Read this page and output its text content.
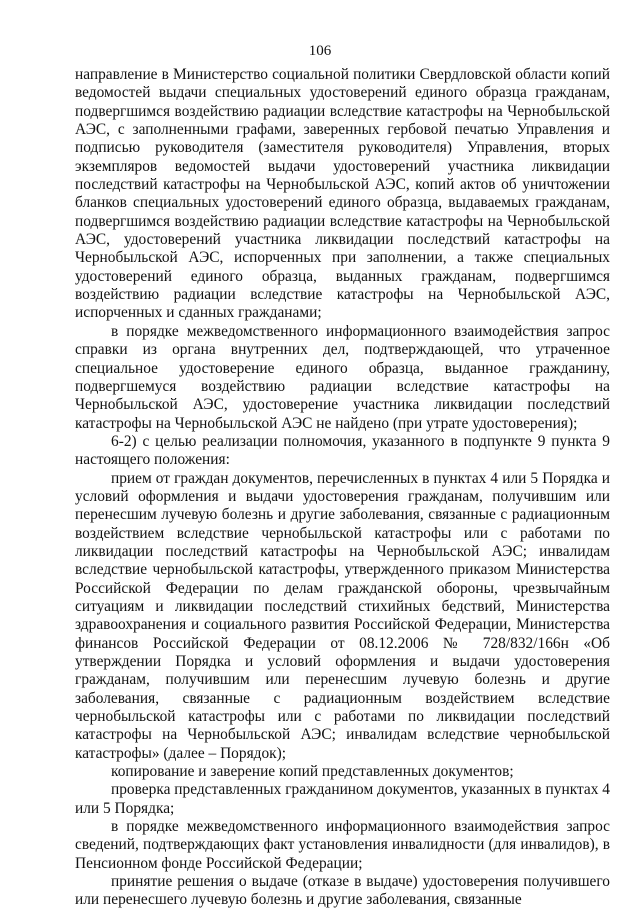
106

направление в Министерство социальной политики Свердловской области копий ведомостей выдачи специальных удостоверений единого образца гражданам, подвергшимся воздействию радиации вследствие катастрофы на Чернобыльской АЭС, с заполненными графами, заверенных гербовой печатью Управления и подписью руководителя (заместителя руководителя) Управления, вторых экземпляров ведомостей выдачи удостоверений участника ликвидации последствий катастрофы на Чернобыльской АЭС, копий актов об уничтожении бланков специальных удостоверений единого образца, выдаваемых гражданам, подвергшимся воздействию радиации вследствие катастрофы на Чернобыльской АЭС, удостоверений участника ликвидации последствий катастрофы на Чернобыльской АЭС, испорченных при заполнении, а также специальных удостоверений единого образца, выданных гражданам, подвергшимся воздействию радиации вследствие катастрофы на Чернобыльской АЭС, испорченных и сданных гражданами;

в порядке межведомственного информационного взаимодействия запрос справки из органа внутренних дел, подтверждающей, что утраченное специальное удостоверение единого образца, выданное гражданину, подвергшемуся воздействию радиации вследствие катастрофы на Чернобыльской АЭС, удостоверение участника ликвидации последствий катастрофы на Чернобыльской АЭС не найдено (при утрате удостоверения);

6-2) с целью реализации полномочия, указанного в подпункте 9 пункта 9 настоящего положения:

прием от граждан документов, перечисленных в пунктах 4 или 5 Порядка и условий оформления и выдачи удостоверения гражданам, получившим или перенесшим лучевую болезнь и другие заболевания, связанные с радиационным воздействием вследствие чернобыльской катастрофы или с работами по ликвидации последствий катастрофы на Чернобыльской АЭС; инвалидам вследствие чернобыльской катастрофы, утвержденного приказом Министерства Российской Федерации по делам гражданской обороны, чрезвычайным ситуациям и ликвидации последствий стихийных бедствий, Министерства здравоохранения и социального развития Российской Федерации, Министерства финансов Российской Федерации от 08.12.2006 № 728/832/166н «Об утверждении Порядка и условий оформления и выдачи удостоверения гражданам, получившим или перенесшим лучевую болезнь и другие заболевания, связанные с радиационным воздействием вследствие чернобыльской катастрофы или с работами по ликвидации последствий катастрофы на Чернобыльской АЭС; инвалидам вследствие чернобыльской катастрофы» (далее – Порядок);

копирование и заверение копий представленных документов;

проверка представленных гражданином документов, указанных в пунктах 4 или 5 Порядка;

в порядке межведомственного информационного взаимодействия запрос сведений, подтверждающих факт установления инвалидности (для инвалидов), в Пенсионном фонде Российской Федерации;

принятие решения о выдаче (отказе в выдаче) удостоверения получившего или перенесшего лучевую болезнь и другие заболевания, связанные
